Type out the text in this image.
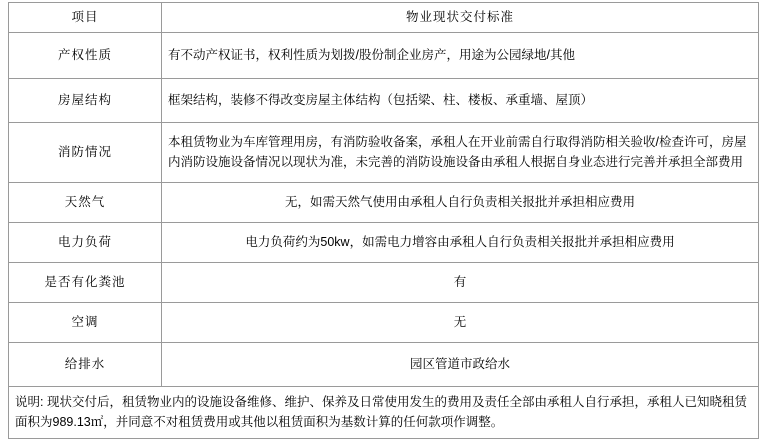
项目	物业现状交付标准
产权性质	有不动产权证书，权利性质为划拨/股份制企业房产，用途为公园绿地/其他
房屋结构	框架结构，装修不得改变房屋主体结构（包括梁、柱、楼板、承重墙、屋顶）
消防情况	本租赁物业为车库管理用房，有消防验收备案，承租人在开业前需自行取得消防相关验收/检查许可，房屋内消防设施设备情况以现状为准，未完善的消防设施设备由承租人根据自身业态进行完善并承担全部费用
天然气	无，如需天然气使用由承租人自行负责相关报批并承担相应费用
电力负荷	电力负荷约为50kw，如需电力增容由承租人自行负责相关报批并承担相应费用
是否有化粪池	有
空调	无
给排水	园区管道市政给水
说明: 现状交付后，租赁物业内的设施设备维修、维护、保养及日常使用发生的费用及责任全部由承租人自行承担，承租人已知晓租赁面积为989.13㎡，并同意不对租赁费用或其他以租赁面积为基数计算的任何款项作调整。	
